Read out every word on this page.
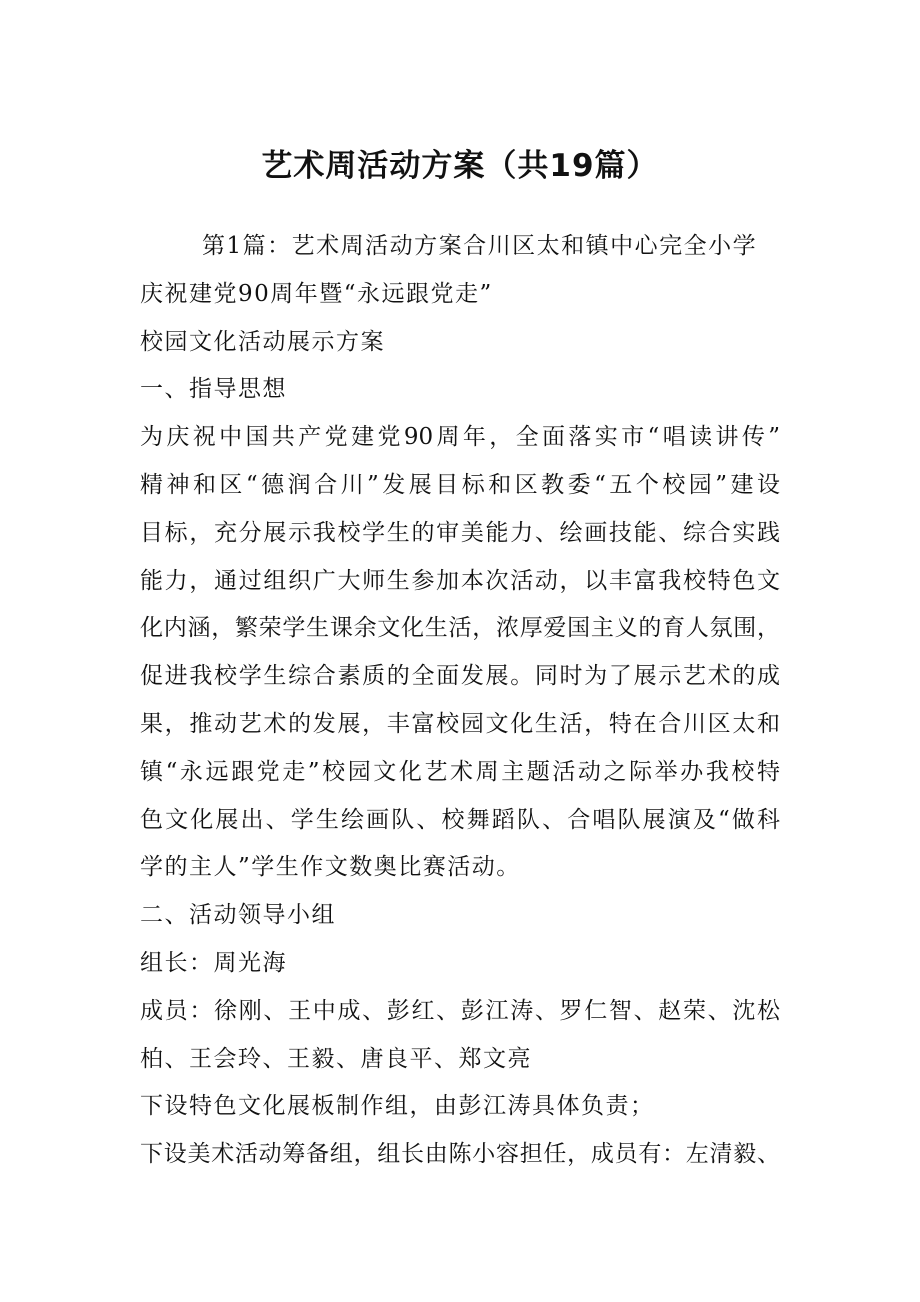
艺术周活动方案（共19篇）
第1篇：艺术周活动方案合川区太和镇中心完全小学
庆祝建党90周年暨“永远跟党走”
校园文化活动展示方案
一、指导思想
为庆祝中国共产党建党90周年，全面落实市“唱读讲传”
精神和区“德润合川”发展目标和区教委“五个校园”建设
目标，充分展示我校学生的审美能力、绘画技能、综合实践
能力，通过组织广大师生参加本次活动，以丰富我校特色文
化内涵，繁荣学生课余文化生活，浓厚爱国主义的育人氛围，
促进我校学生综合素质的全面发展。同时为了展示艺术的成
果，推动艺术的发展，丰富校园文化生活，特在合川区太和
镇“永远跟党走”校园文化艺术周主题活动之际举办我校特
色文化展出、学生绘画队、校舞蹈队、合唱队展演及“做科
学的主人”学生作文数奥比赛活动。
二、活动领导小组
组长：周光海
成员：徐刚、王中成、彭红、彭江涛、罗仁智、赵荣、沈松
柏、王会玲、王毅、唐良平、郑文亮
下设特色文化展板制作组，由彭江涛具体负责；
下设美术活动筹备组，组长由陈小容担任，成员有：左清毅、
